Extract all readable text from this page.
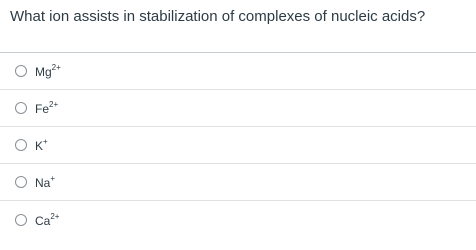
What ion assists in stabilization of complexes of nucleic acids?
$Mg^{2+}$
$Fe^{2+}$
K+
Na+
$Ca^{2+}$
